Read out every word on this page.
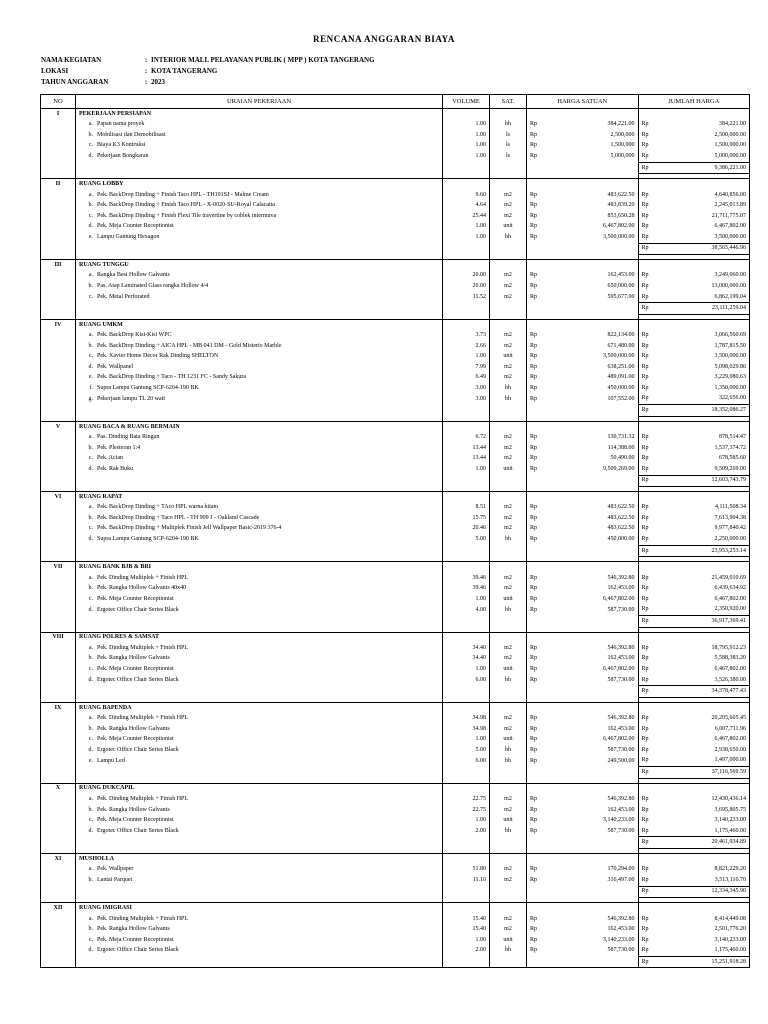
RENCANA ANGGARAN BIAYA
NAMA KEGIATAN	: INTERIOR MALL PELAYANAN PUBLIK ( MPP ) KOTA TANGERANG
LOKASI	: KOTA TANGERANG
TAHUN ANGGARAN	: 2023
NO	URAIAN PEKERJAAN	VOLUME	SAT.	HARGA SATUAN		JUMLAH HARGA	
I	PEKERJAAN PERSIAPAN						
	a. Papan nama proyek	1.00	bh	Rp	384,221.00	Rp	384,221.00
	b. Mobilisasi dan Demobilisasi	1.00	ls	Rp	2,500,000	Rp	2,500,000.00
	c. Biaya K3 Kontruksi	1.00	ls	Rp	1,500,000	Rp	1,500,000.00
	d. Pekerjaan Bongkaran	1.00	ls	Rp	5,000,000	Rp	5,000,000.00
						Rp	9,386,221.00

II	RUANG LOBBY						
	a. Pek. BackDrop Dinding + Finish Taco HPL - TH191SJ - Malme Cream	9.60	m2	Rp	483,622.50	Rp	4,640,856.00
	b. Pek. BackDrop Dinding + Finish Taco HPL - X-0020-SU-Royal Calacatta	4.64	m2	Rp	483,839.20	Rp	2,245,013.89
	c. Pek. BackDrop Dinding + Finish Flexi Tile travertine by coblek intermuva	25.44	m2	Rp	853,650.28	Rp	21,711,775.07
	d. Pek. Meja Counter Receptionist	1.00	unit	Rp	6,467,802.00	Rp	6,467,802.00
	e. Lampu Gantung Hexagon	1.00	bh	Rp	3,500,000.00	Rp	3,500,000.00
						Rp	38,565,446.96

III	RUANG TUNGGU						
	a. Rangka Besi Hollow Galvanis	20.00	m2	Rp	162,453.00	Rp	3,249,060.00
	b. Pas. Atap Laminated Glass rangka Hollow 4/4	20.00	m2	Rp	650,000.00	Rp	13,000,000.00
	c. Pek. Metal Perforated	11.52	m2	Rp	595,677.00	Rp	6,862,199.04
						Rp	23,111,259.04

IV	RUANG UMKM						
	a. Pek. BackDrop Kisi-Kisi WPC	3.73	m2	Rp	822,134.00	Rp	3,066,560.69
	b. Pek. BackDrop Dinding + AICA HPL - MB 041 DM - Gold Misterio Marble	2.66	m2	Rp	671,480.00	Rp	1,787,815.50
	c. Pek. Xavier Home Decor Rak Dinding SHELTON	1.00	unit	Rp	3,500,000.00	Rp	3,500,000.00
	d. Pek. Wallpanel	7.99	m2	Rp	638,251.00	Rp	5,098,029.86
	e. Pek. BackDrop Dinding + Taco - TH 1231 FC - Sandy Sakura	6.49	m2	Rp	489,091.00	Rp	3,229,080.63
	f. Supra Lampu Gantung SCP-6204-190 BK	3.00	bh	Rp	450,000.00	Rp	1,350,000.00
	g. Pekerjaan lampu TL 20 watt	3.00	bh	Rp	107,552.00	Rp	322,656.00
						Rp	18,352,086.27

V	RUANG BACA & RUANG BERMAIN						
	a. Pas. Dinding Bata Ringan	6.72	m2	Rp	130,731.32	Rp	878,514.47
	b. Pek. Plesteran 1:4	13.44	m2	Rp	114,388.00	Rp	1,537,374.72
	c. Pek. Acian	13.44	m2	Rp	50,490.00	Rp	678,585.60
	d. Pek. Rak Buku	1.00	unit	Rp	9,509,269.00	Rp	9,509,269.00
						Rp	12,603,743.79

VI	RUANG RAPAT						
	a. Pek. BackDrop Dinding + TAco HPL warna hitam	8.51	m2	Rp	483,622.50	Rp	4,111,508.34
	b. Pek. BackDrop Dinding + Taco HPL - TH 909 J - Oakland Cascade	15.75	m2	Rp	483,622.50	Rp	7,613,904.38
	c. Pek. BackDrop Dinding + Multiplek Finish Jell Wallpaper Basic-2019 376-4	20.46	m2	Rp	483,622.50	Rp	9,977,840.42
	d. Supra Lampu Gantung SCP-6204-190 BK	5.00	bh	Rp	450,000.00	Rp	2,250,000.00
						Rp	23,953,253.14

VII	RUANG BANK BJB & BRI						
	a. Pek. Dinding Multiplek + Finish HPL	39.46	m2	Rp	546,392.80	Rp	21,459,010.69
	b. Pek. Rangka Hollow Galvanis 40x40	39.46	m2	Rp	162,453.00	Rp	6,439,634.92
	c. Pek. Meja Counter Receptionist	1.00	unit	Rp	6,467,802.00	Rp	6,467,802.00
	d. Ergotec Office Chair Series Black	4.00	bh	Rp	587,730.00	Rp	2,350,920.00
						Rp	36,917,369.41

VIII	RUANG POLRES & SAMSAT						
	a. Pek. Dinding Multiplek + Finish HPL	34.40	m2	Rp	546,392.80	Rp	18,795,912.23
	b. Pek. Rangka Hollow Galvanis	34.40	m2	Rp	162,453.00	Rp	5,588,383.20
	c. Pek. Meja Counter Receptionist	1.00	unit	Rp	6,467,802.00	Rp	6,467,802.00
	d. Ergotec Office Chair Series Black	6.00	bh	Rp	587,730.00	Rp	3,526,380.00
						Rp	34,378,477.43

IX	RUANG BAPENDA						
	a. Pek. Dinding Multiplek + Finish HPL	34.98	m2	Rp	546,392.80	Rp	20,205,605.45
	b. Pek. Rangka Hollow Galvanis	34.98	m2	Rp	162,453.00	Rp	6,007,711.96
	c. Pek. Meja Counter Receptionist	1.00	unit	Rp	6,467,802.00	Rp	6,467,802.00
	d. Ergotec Office Chair Series Black	5.00	bh	Rp	587,730.00	Rp	2,938,650.00
	e. Lampu Led	6.00	bh	Rp	249,500.00	Rp	1,497,000.00
						Rp	37,116,569.59

X	RUANG DUKCAPIL						
	a. Pek. Dinding Multiplek + Finish HPL	22.75	m2	Rp	546,392.80	Rp	12,430,436.14
	b. Pek. Rangka Hollow Galvanis	22.75	m2	Rp	162,453.00	Rp	3,695,805.75
	c. Pek. Meja Counter Receptionist	1.00	unit	Rp	3,140,233.00	Rp	3,140,233.00
	d. Ergotec Office Chair Series Black	2.00	bh	Rp	587,730.00	Rp	1,175,460.00
						Rp	20,461,934.89

XI	MUSHOLLA						
	a. Pek. Wallpaper	51.80	m2	Rp	170,294.00	Rp	8,821,229.20
	b. Lantai Parquet	11.10	m2	Rp	316,497.00	Rp	3,513,116.70
						Rp	12,334,345.90

XII	RUANG IMIGRASI						
	a. Pek. Dinding Multiplek + Finish HPL	15.40	m2	Rp	546,392.80	Rp	8,414,449.08
	b. Pek. Rangka Hollow Galvanis	15.40	m2	Rp	162,453.00	Rp	2,501,776.20
	c. Pek. Meja Counter Receptionist	1.00	unit	Rp	3,140,233.00	Rp	3,140,233.00
	d. Ergotec Office Chair Series Black	2.00	bh	Rp	587,730.00	Rp	1,175,460.00
						Rp	15,251,918.28
